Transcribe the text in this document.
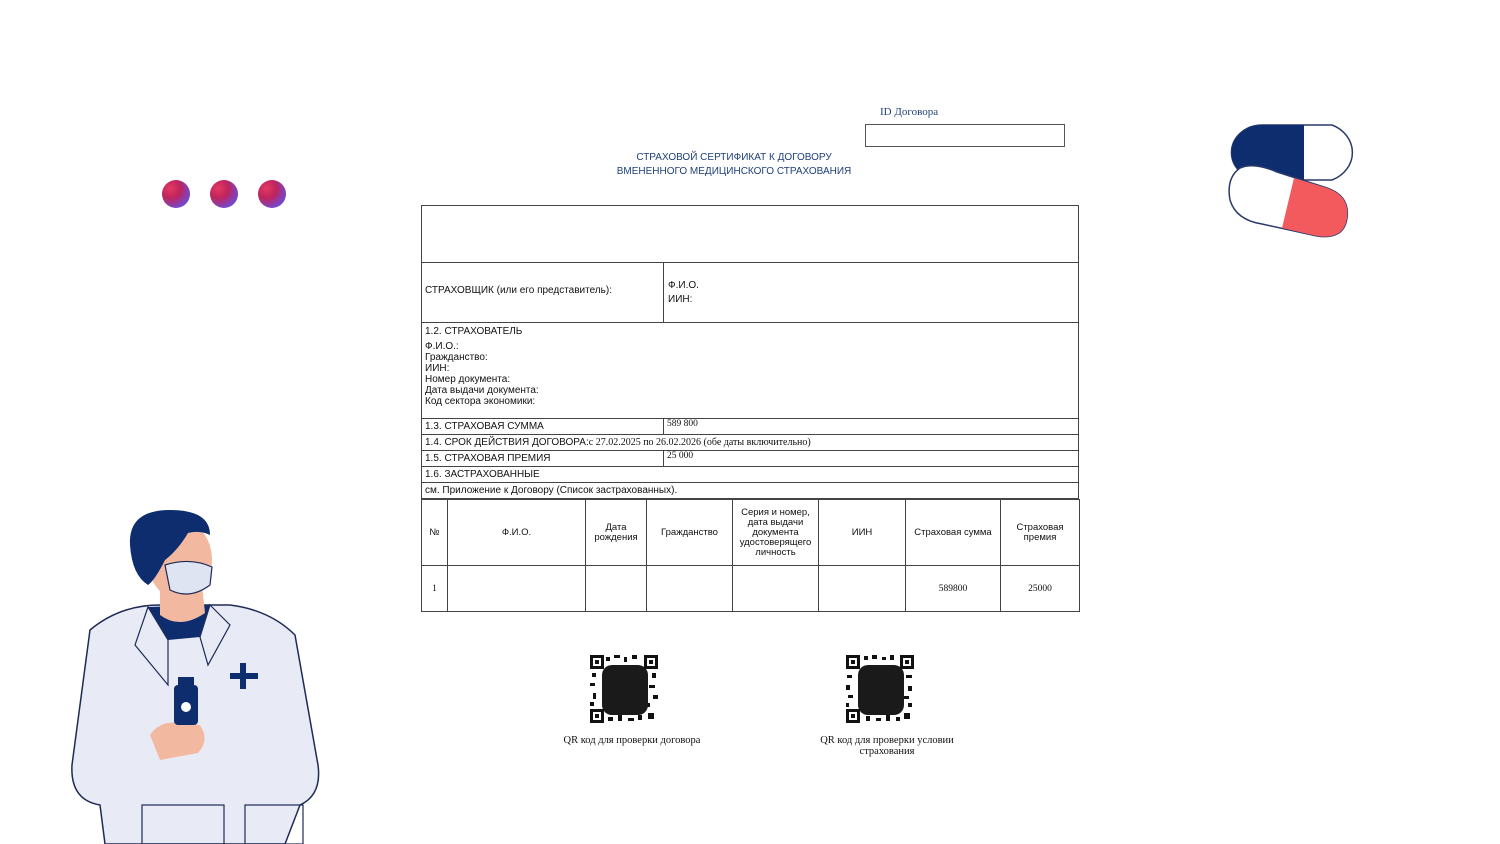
ID Договора
СТРАХОВОЙ СЕРТИФИКАТ К ДОГОВОРУ
ВМЕНЕННОГО МЕДИЦИНСКОГО СТРАХОВАНИЯ
СТРАХОВЩИК (или его представитель):	Ф.И.О.
ИИН:
1.2. СТРАХОВАТЕЛЬ
Ф.И.О.:
Гражданство:
ИИН:
Номер документа:
Дата выдачи документа:
Код сектора экономики:
1.3. СТРАХОВАЯ СУММА	589 800
1.4. СРОК ДЕЙСТВИЯ ДОГОВОРА: с 27.02.2025 по 26.02.2026 (обе даты включительно)
1.5. СТРАХОВАЯ ПРЕМИЯ	25 000
1.6. ЗАСТРАХОВАННЫЕ
см. Приложение к Договору (Список застрахованных).
№	Ф.И.О.	Дата рождения	Гражданство	Серия и номер, дата выдачи документа удостоверящего личность	ИИН	Страховая сумма	Страховая премия
1						589800	25000
QR код для проверки договора	QR код для проверки условии страхования
